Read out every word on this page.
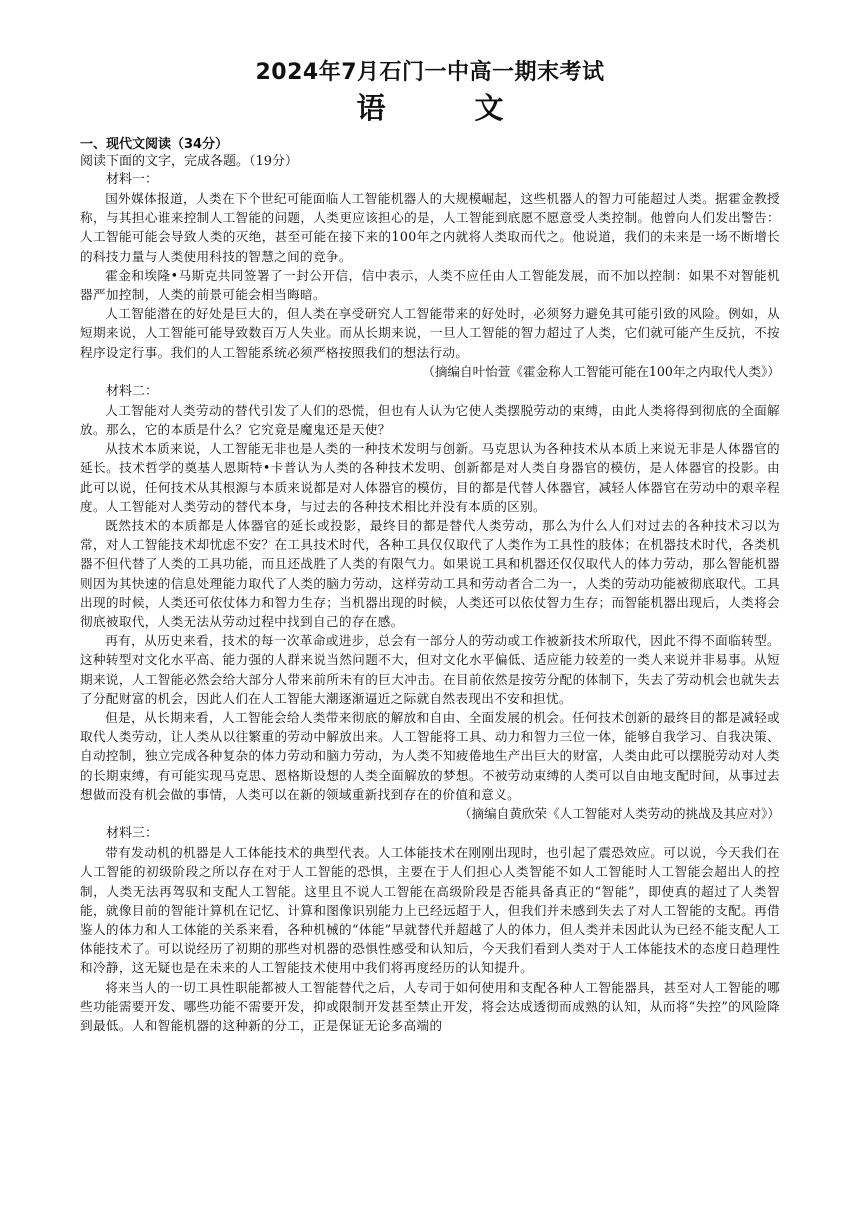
2024年7月石门一中高一期末考试
语　文

一、现代文阅读（34分）

阅读下面的文字，完成各题。（19分）

材料一：

国外媒体报道，人类在下个世纪可能面临人工智能机器人的大规模崛起，这些机器人的智力可能超过人类。据霍金教授称，与其担心谁来控制人工智能的问题，人类更应该担心的是，人工智能到底愿不愿意受人类控制。他曾向人们发出警告：人工智能可能会导致人类的灭绝，甚至可能在接下来的100年之内就将人类取而代之。他说道，我们的未来是一场不断增长的科技力量与人类使用科技的智慧之间的竞争。

霍金和埃隆•马斯克共同签署了一封公开信，信中表示，人类不应任由人工智能发展，而不加以控制：如果不对智能机器严加控制，人类的前景可能会相当晦暗。

人工智能潜在的好处是巨大的，但人类在享受研究人工智能带来的好处时，必须努力避免其可能引致的风险。例如，从短期来说，人工智能可能导致数百万人失业。而从长期来说，一旦人工智能的智力超过了人类，它们就可能产生反抗，不按程序设定行事。我们的人工智能系统必须严格按照我们的想法行动。

（摘编自叶怡萱《霍金称人工智能可能在100年之内取代人类》）

材料二：

人工智能对人类劳动的替代引发了人们的恐慌，但也有人认为它使人类摆脱劳动的束缚，由此人类将得到彻底的全面解放。那么，它的本质是什么？它究竟是魔鬼还是天使？

从技术本质来说，人工智能无非也是人类的一种技术发明与创新。马克思认为各种技术从本质上来说无非是人体器官的延长。技术哲学的奠基人恩斯特•卡普认为人类的各种技术发明、创新都是对人类自身器官的模仿，是人体器官的投影。由此可以说，任何技术从其根源与本质来说都是对人体器官的模仿，目的都是代替人体器官，减轻人体器官在劳动中的艰辛程度。人工智能对人类劳动的替代本身，与过去的各种技术相比并没有本质的区别。

既然技术的本质都是人体器官的延长或投影，最终目的都是替代人类劳动，那么为什么人们对过去的各种技术习以为常，对人工智能技术却忧虑不安？在工具技术时代，各种工具仅仅取代了人类作为工具性的肢体；在机器技术时代，各类机器不但代替了人类的工具功能，而且还战胜了人类的有限气力。如果说工具和机器还仅仅取代人的体力劳动，那么智能机器则因为其快速的信息处理能力取代了人类的脑力劳动，这样劳动工具和劳动者合二为一，人类的劳动功能被彻底取代。工具出现的时候，人类还可依仗体力和智力生存；当机器出现的时候，人类还可以依仗智力生存；而智能机器出现后，人类将会彻底被取代，人类无法从劳动过程中找到自己的存在感。

再有，从历史来看，技术的每一次革命或进步，总会有一部分人的劳动或工作被新技术所取代，因此不得不面临转型。这种转型对文化水平高、能力强的人群来说当然问题不大，但对文化水平偏低、适应能力较差的一类人来说并非易事。从短期来说，人工智能必然会给大部分人带来前所未有的巨大冲击。在目前依然是按劳分配的体制下，失去了劳动机会也就失去了分配财富的机会，因此人们在人工智能大潮逐渐逼近之际就自然表现出不安和担忧。

但是，从长期来看，人工智能会给人类带来彻底的解放和自由、全面发展的机会。任何技术创新的最终目的都是减轻或取代人类劳动，让人类从以往繁重的劳动中解放出来。人工智能将工具、动力和智力三位一体，能够自我学习、自我决策、自动控制，独立完成各种复杂的体力劳动和脑力劳动，为人类不知疲倦地生产出巨大的财富，人类由此可以摆脱劳动对人类的长期束缚，有可能实现马克思、恩格斯设想的人类全面解放的梦想。不被劳动束缚的人类可以自由地支配时间，从事过去想做而没有机会做的事情，人类可以在新的领域重新找到存在的价值和意义。

（摘编自黄欣荣《人工智能对人类劳动的挑战及其应对》）

材料三：

带有发动机的机器是人工体能技术的典型代表。人工体能技术在刚刚出现时，也引起了震恐效应。可以说，今天我们在人工智能的初级阶段之所以存在对于人工智能的恐惧，主要在于人们担心人类智能不如人工智能时人工智能会超出人的控制，人类无法再驾驭和支配人工智能。这里且不说人工智能在高级阶段是否能具备真正的“智能”，即使真的超过了人类智能，就像目前的智能计算机在记忆、计算和图像识别能力上已经远超于人，但我们并未感到失去了对人工智能的支配。再借鉴人的体力和人工体能的关系来看，各种机械的“体能”早就替代并超越了人的体力，但人类并未因此认为已经不能支配人工体能技术了。可以说经历了初期的那些对机器的恐惧性感受和认知后，今天我们看到人类对于人工体能技术的态度日趋理性和冷静，这无疑也是在未来的人工智能技术使用中我们将再度经历的认知提升。

将来当人的一切工具性职能都被人工智能替代之后，人专司于如何使用和支配各种人工智能器具，甚至对人工智能的哪些功能需要开发、哪些功能不需要开发，抑或限制开发甚至禁止开发，将会达成透彻而成熟的认知，从而将“失控”的风险降到最低。人和智能机器的这种新的分工，正是保证无论多高端的
